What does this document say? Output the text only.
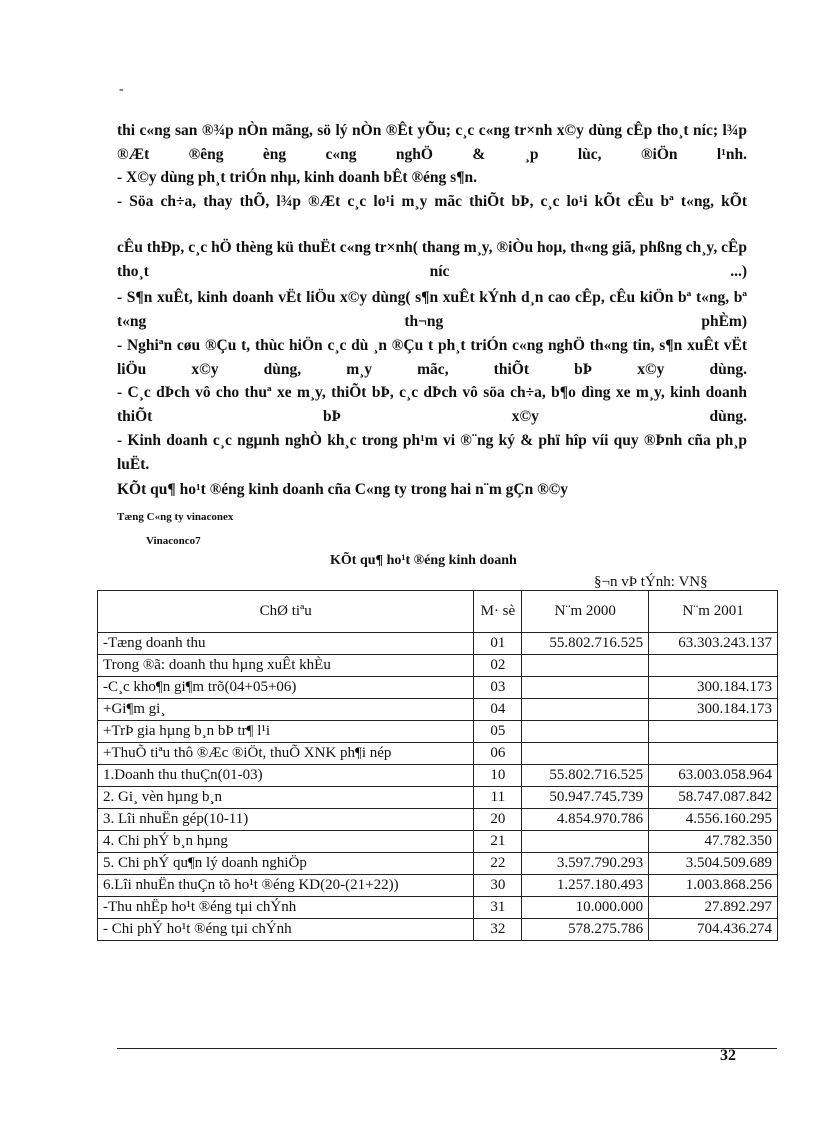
-
thi c«ng san ®¾p nÒn mãng, sö lý nÒn ®Êt yÕu; c¸c c«ng tr×nh x©y dùng cÊp tho¸t níc; l¾p ®Æt ®êng èng c«ng nghÖ & ¸p lùc, ®iÖn l¹nh.
- X©y dùng ph¸t triÓn nhµ, kinh doanh bÊt ®éng s¶n.
- Söa ch÷a, thay thÕ, l¾p ®Æt c¸c lo¹i m¸y mãc thiÕt bÞ, c¸c lo¹i kÕt cÊu bª t«ng, kÕt
cÊu thÐp, c¸c hÖ thèng kü thuËt c«ng tr×nh( thang m¸y, ®iÒu hoµ, th«ng giã, phßng ch¸y, cÊp tho¸t níc ...)
- S¶n xuÊt, kinh doanh vËt liÖu x©y dùng( s¶n xuÊt kÝnh d¸n cao cÊp, cÊu kiÖn bª t«ng, bª t«ng th¬ng phÈm)
- Nghiªn cøu ®Çu t, thùc hiÖn c¸c dù ¸n ®Çu t ph¸t triÓn c«ng nghÖ th«ng tin, s¶n xuÊt vËt liÖu x©y dùng, m¸y mãc, thiÕt bÞ x©y dùng.
- C¸c dÞch vô cho thuª xe m¸y, thiÕt bÞ, c¸c dÞch vô söa ch÷a, b¶o dìng xe m¸y, kinh doanh thiÕt bÞ x©y dùng.
- Kinh doanh c¸c ngµnh nghÒ kh¸c trong ph¹m vi ®¨ng ký & phï hîp víi quy ®Þnh cña ph¸p luËt.
KÕt qu¶ ho¹t ®éng kinh doanh cña C«ng ty trong hai n¨m gÇn ®©y
Tæng C«ng ty vinaconex
Vinaconco7
KÕt qu¶ ho¹t ®éng kinh doanh
§¬n vÞ tÝnh: VN§
ChØ tiªu	M· sè	N¨m 2000	N¨m 2001
-Tæng doanh thu	01	55.802.716.525	63.303.243.137
Trong ®ã: doanh thu hµng xuÊt khÈu	02		
-C¸c kho¶n gi¶m trõ(04+05+06)	03		300.184.173
+Gi¶m gi¸	04		300.184.173
+TrÞ gia hµng b¸n bÞ tr¶ l¹i	05		
+ThuÕ tiªu thô ®Æc ®iÖt, thuÕ XNK ph¶i nép	06		
1.Doanh thu thuÇn(01-03)	10	55.802.716.525	63.003.058.964
2. Gi¸ vèn hµng b¸n	11	50.947.745.739	58.747.087.842
3. Lîi nhuËn gép(10-11)	20	4.854.970.786	4.556.160.295
4. Chi phÝ b¸n hµng	21		47.782.350
5. Chi phÝ qu¶n lý doanh nghiÖp	22	3.597.790.293	3.504.509.689
6.Lîi nhuËn thuÇn tõ ho¹t ®éng KD(20-(21+22))	30	1.257.180.493	1.003.868.256
-Thu nhËp ho¹t ®éng tµi chÝnh	31	10.000.000	27.892.297
- Chi phÝ ho¹t ®éng tµi chÝnh	32	578.275.786	704.436.274
32
